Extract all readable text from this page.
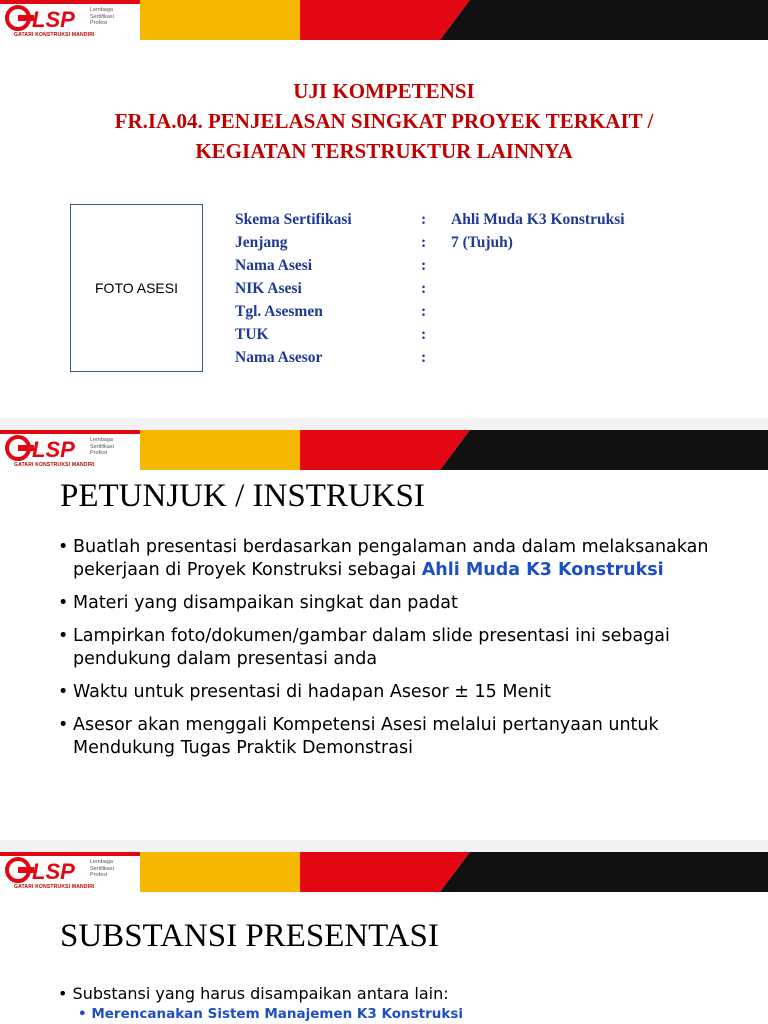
LSP	Lembaga
Sertifikasi
Profesi
GATARI KONSTRUKSI MANDIRI
UJI KOMPETENSI
FR.IA.04. PENJELASAN SINGKAT PROYEK TERKAIT /
KEGIATAN TERSTRUKTUR LAINNYA
FOTO ASESI
Skema Sertifikasi	:	Ahli Muda K3 Konstruksi
Jenjang	:	7 (Tujuh)
Nama Asesi	:
NIK Asesi	:
Tgl. Asesmen	:
TUK	:
Nama Asesor	:
LSP	Lembaga
Sertifikasi
Profesi
GATARI KONSTRUKSI MANDIRI
PETUNJUK / INSTRUKSI
• Buatlah presentasi berdasarkan pengalaman anda dalam melaksanakan pekerjaan di Proyek Konstruksi sebagai Ahli Muda K3 Konstruksi
• Materi yang disampaikan singkat dan padat
• Lampirkan foto/dokumen/gambar dalam slide presentasi ini sebagai pendukung dalam presentasi anda
• Waktu untuk presentasi di hadapan Asesor ± 15 Menit
• Asesor akan menggali Kompetensi Asesi melalui pertanyaan untuk Mendukung Tugas Praktik Demonstrasi
LSP	Lembaga
Sertifikasi
Profesi
GATARI KONSTRUKSI MANDIRI
SUBSTANSI PRESENTASI
• Substansi yang harus disampaikan antara lain:
• Merencanakan Sistem Manajemen K3 Konstruksi
